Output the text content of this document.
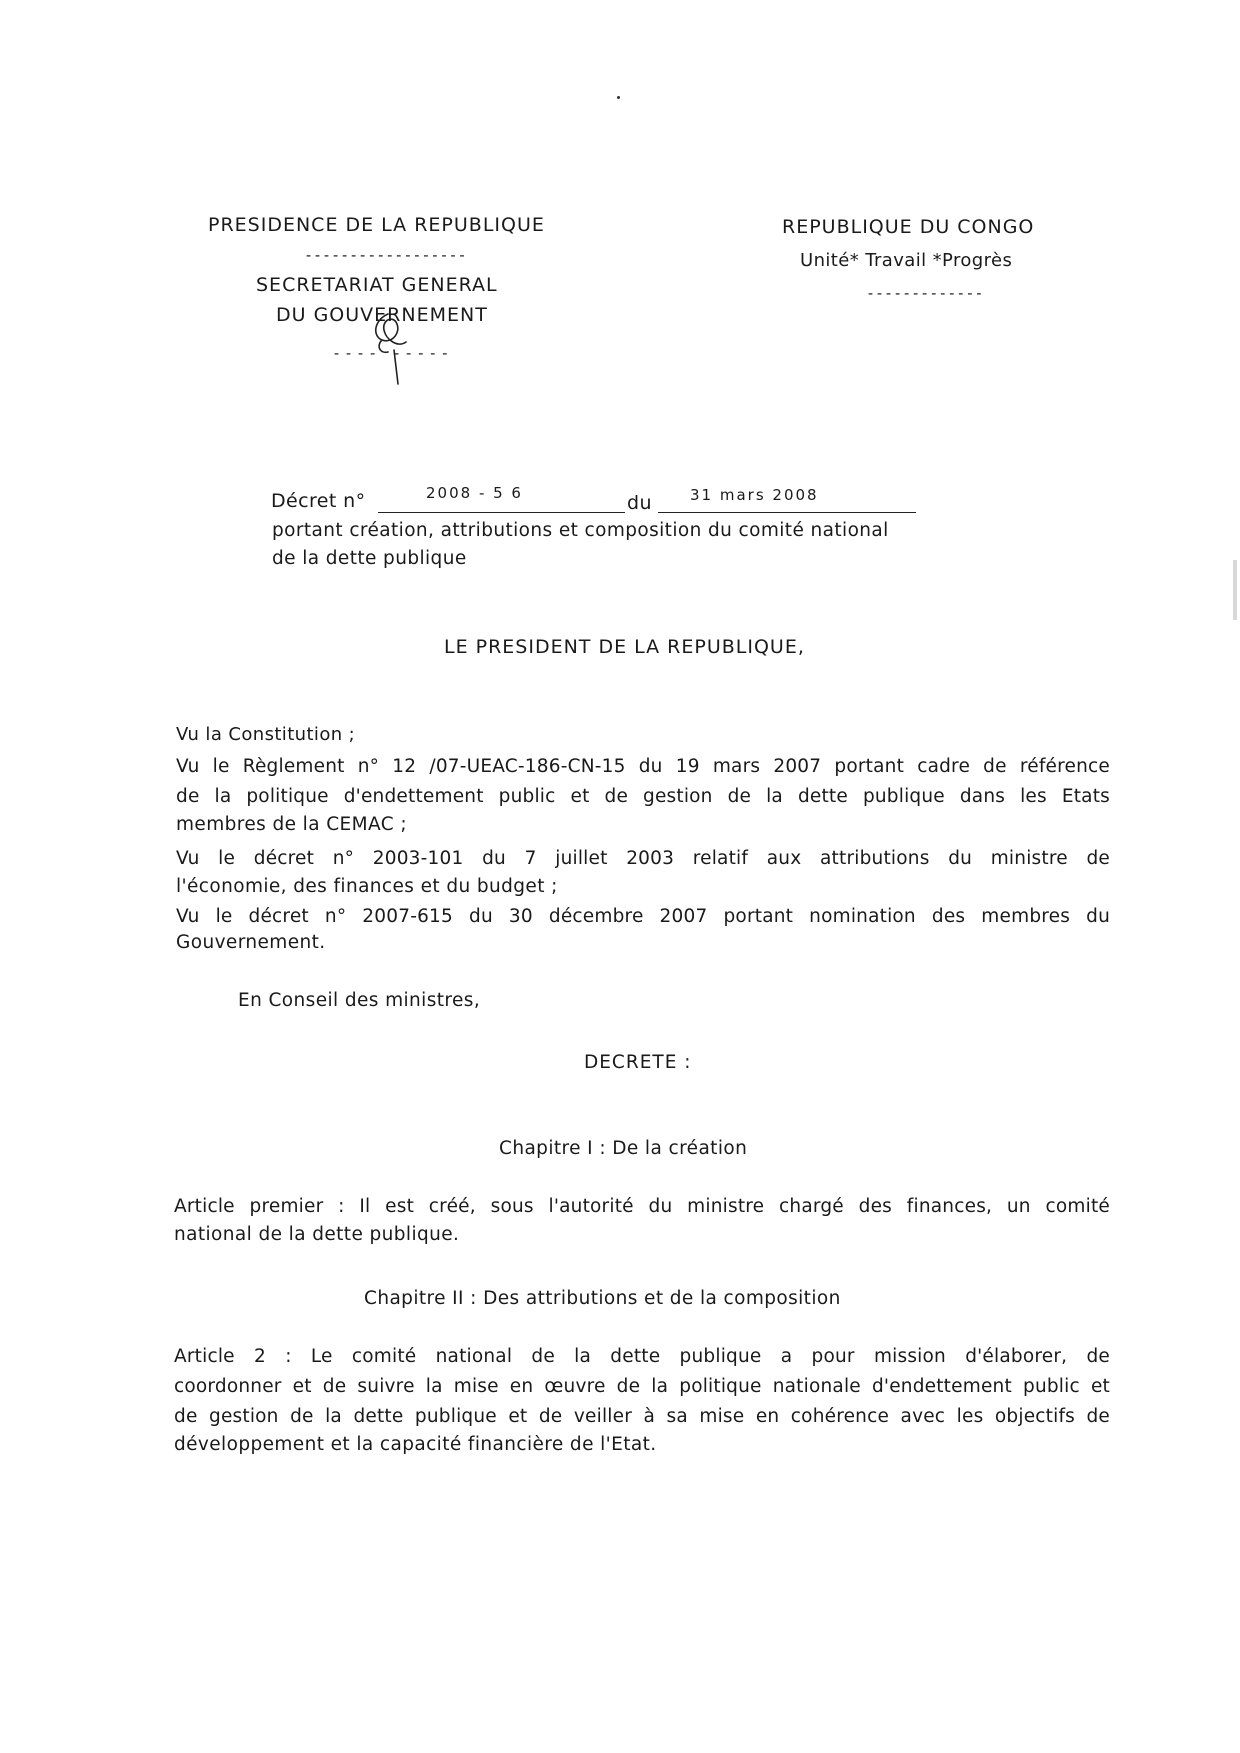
PRESIDENCE DE LA REPUBLIQUE
------------------
SECRETARIAT GENERAL
DU GOUVERNEMENT
---- -----
REPUBLIQUE DU CONGO
Unité* Travail *Progrès
-------------
Décret n°	2008 - 5 6	du	31 mars 2008
portant création, attributions et composition du comité national
de la dette publique
LE PRESIDENT DE LA REPUBLIQUE,
Vu la Constitution ;
Vu le Règlement n° 12 /07-UEAC-186-CN-15 du 19 mars 2007 portant cadre de référence
de la politique d'endettement public et de gestion de la dette publique dans les Etats
membres de la CEMAC ;
Vu le décret n° 2003-101 du 7 juillet 2003 relatif aux attributions du ministre de
l'économie, des finances et du budget ;
Vu le décret n° 2007-615 du 30 décembre 2007 portant nomination des membres du
Gouvernement.
En Conseil des ministres,
DECRETE :
Chapitre I : De la création
Article premier : Il est créé, sous l'autorité du ministre chargé des finances, un comité
national de la dette publique.
Chapitre II : Des attributions et de la composition
Article 2 : Le comité national de la dette publique a pour mission d'élaborer, de
coordonner et de suivre la mise en œuvre de la politique nationale d'endettement public et
de gestion de la dette publique et de veiller à sa mise en cohérence avec les objectifs de
développement et la capacité financière de l'Etat.
